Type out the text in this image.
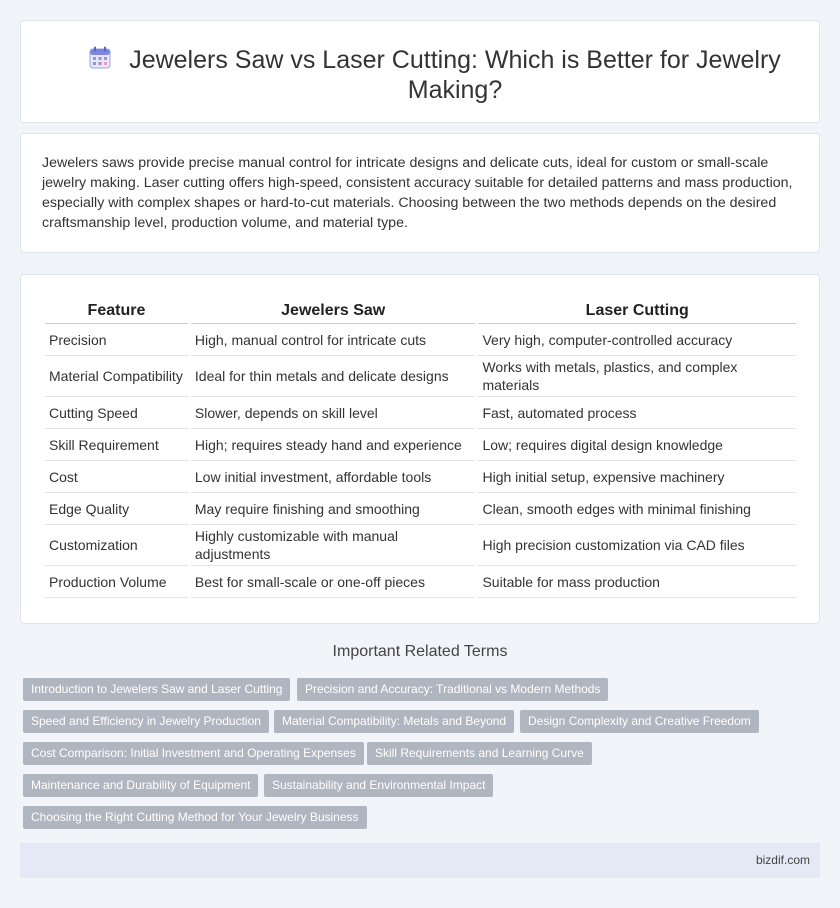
Jewelers Saw vs Laser Cutting: Which is Better for Jewelry Making?

Jewelers saws provide precise manual control for intricate designs and delicate cuts, ideal for custom or small-scale jewelry making. Laser cutting offers high-speed, consistent accuracy suitable for detailed patterns and mass production, especially with complex shapes or hard-to-cut materials. Choosing between the two methods depends on the desired craftsmanship level, production volume, and material type.

Feature	Jewelers Saw	Laser Cutting
Precision	High, manual control for intricate cuts	Very high, computer-controlled accuracy
Material Compatibility	Ideal for thin metals and delicate designs	Works with metals, plastics, and complex materials
Cutting Speed	Slower, depends on skill level	Fast, automated process
Skill Requirement	High; requires steady hand and experience	Low; requires digital design knowledge
Cost	Low initial investment, affordable tools	High initial setup, expensive machinery
Edge Quality	May require finishing and smoothing	Clean, smooth edges with minimal finishing
Customization	Highly customizable with manual adjustments	High precision customization via CAD files
Production Volume	Best for small-scale or one-off pieces	Suitable for mass production
Important Related Terms
Introduction to Jewelers Saw and Laser Cutting	Precision and Accuracy: Traditional vs Modern Methods
Speed and Efficiency in Jewelry Production	Material Compatibility: Metals and Beyond	Design Complexity and Creative Freedom
Cost Comparison: Initial Investment and Operating Expenses	Skill Requirements and Learning Curve
Maintenance and Durability of Equipment	Sustainability and Environmental Impact
Choosing the Right Cutting Method for Your Jewelry Business
bizdif.com
